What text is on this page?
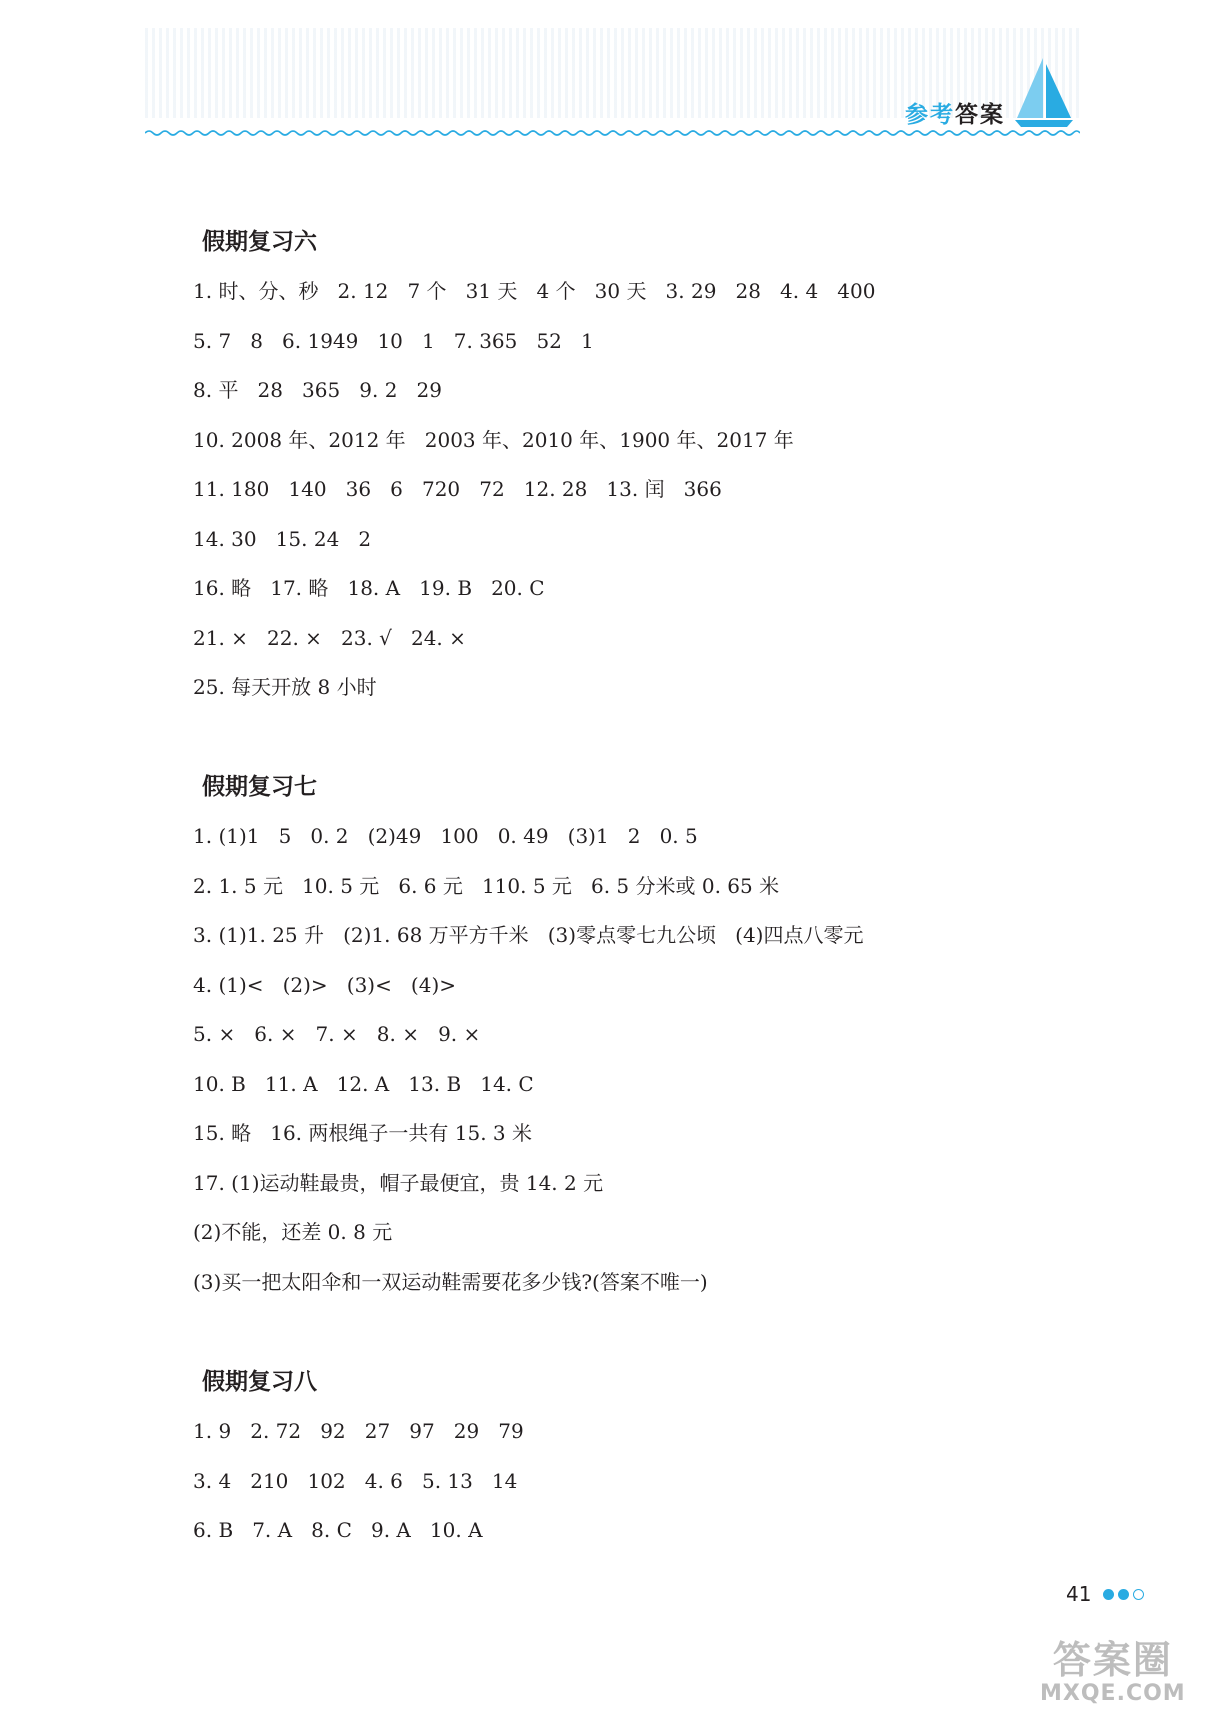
参考答案
假期复习六
1. 时、分、秒   2. 12   7 个   31 天   4 个   30 天   3. 29   28   4. 4   400
5. 7   8   6. 1949   10   1   7. 365   52   1
8. 平   28   365   9. 2   29
10. 2008 年、2012 年   2003 年、2010 年、1900 年、2017 年
11. 180   140   36   6   720   72   12. 28   13. 闰   366
14. 30   15. 24   2
16. 略   17. 略   18. A   19. B   20. C
21. ×   22. ×   23. √   24. ×
25. 每天开放 8 小时
假期复习七
1. (1)1   5   0. 2   (2)49   100   0. 49   (3)1   2   0. 5
2. 1. 5 元   10. 5 元   6. 6 元   110. 5 元   6. 5 分米或 0. 65 米
3. (1)1. 25 升   (2)1. 68 万平方千米   (3)零点零七九公顷   (4)四点八零元
4. (1)<   (2)>   (3)<   (4)>
5. ×   6. ×   7. ×   8. ×   9. ×
10. B   11. A   12. A   13. B   14. C
15. 略   16. 两根绳子一共有 15. 3 米
17. (1)运动鞋最贵，帽子最便宜，贵 14. 2 元
(2)不能，还差 0. 8 元
(3)买一把太阳伞和一双运动鞋需要花多少钱?(答案不唯一)
假期复习八
1. 9   2. 72   92   27   97   29   79
3. 4   210   102   4. 6   5. 13   14
6. B   7. A   8. C   9. A   10. A
41
答案圈
MXQE.COM
